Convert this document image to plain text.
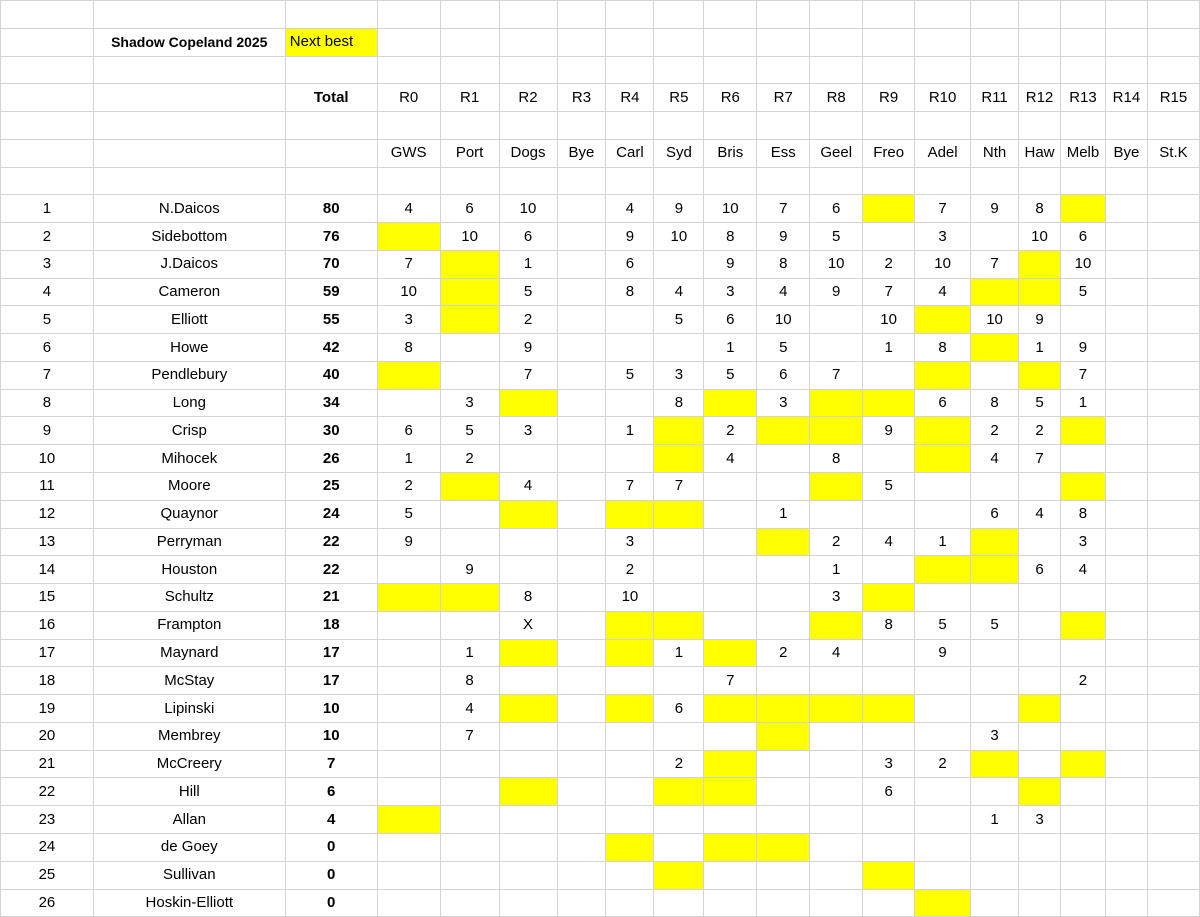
	Shadow Copeland 2025	Next best																

		Total	R0	R1	R2	R3	R4	R5	R6	R7	R8	R9	R10	R11	R12	R13	R14	R15

			GWS	Port	Dogs	Bye	Carl	Syd	Bris	Ess	Geel	Freo	Adel	Nth	Haw	Melb	Bye	St.K

1	N.Daicos	80	4	6	10		4	9	10	7	6		7	9	8			
2	Sidebottom	76		10	6		9	10	8	9	5		3		10	6		
3	J.Daicos	70	7		1		6		9	8	10	2	10	7		10		
4	Cameron	59	10		5		8	4	3	4	9	7	4			5		
5	Elliott	55	3		2			5	6	10		10		10	9			
6	Howe	42	8		9				1	5		1	8		1	9		
7	Pendlebury	40			7		5	3	5	6	7					7		
8	Long	34		3				8		3			6	8	5	1		
9	Crisp	30	6	5	3		1		2			9		2	2			
10	Mihocek	26	1	2					4		8			4	7			
11	Moore	25	2		4		7	7				5						
12	Quaynor	24	5							1				6	4	8		
13	Perryman	22	9				3				2	4	1			3		
14	Houston	22		9			2				1				6	4		
15	Schultz	21			8		10				3							
16	Frampton	18			X							8	5	5				
17	Maynard	17		1				1		2	4		9					
18	McStay	17		8					7							2		
19	Lipinski	10		4				6										
20	Membrey	10		7										3				
21	McCreery	7						2				3	2					
22	Hill	6										6						
23	Allan	4												1	3			
24	de Goey	0																
25	Sullivan	0																
26	Hoskin-Elliott	0																
